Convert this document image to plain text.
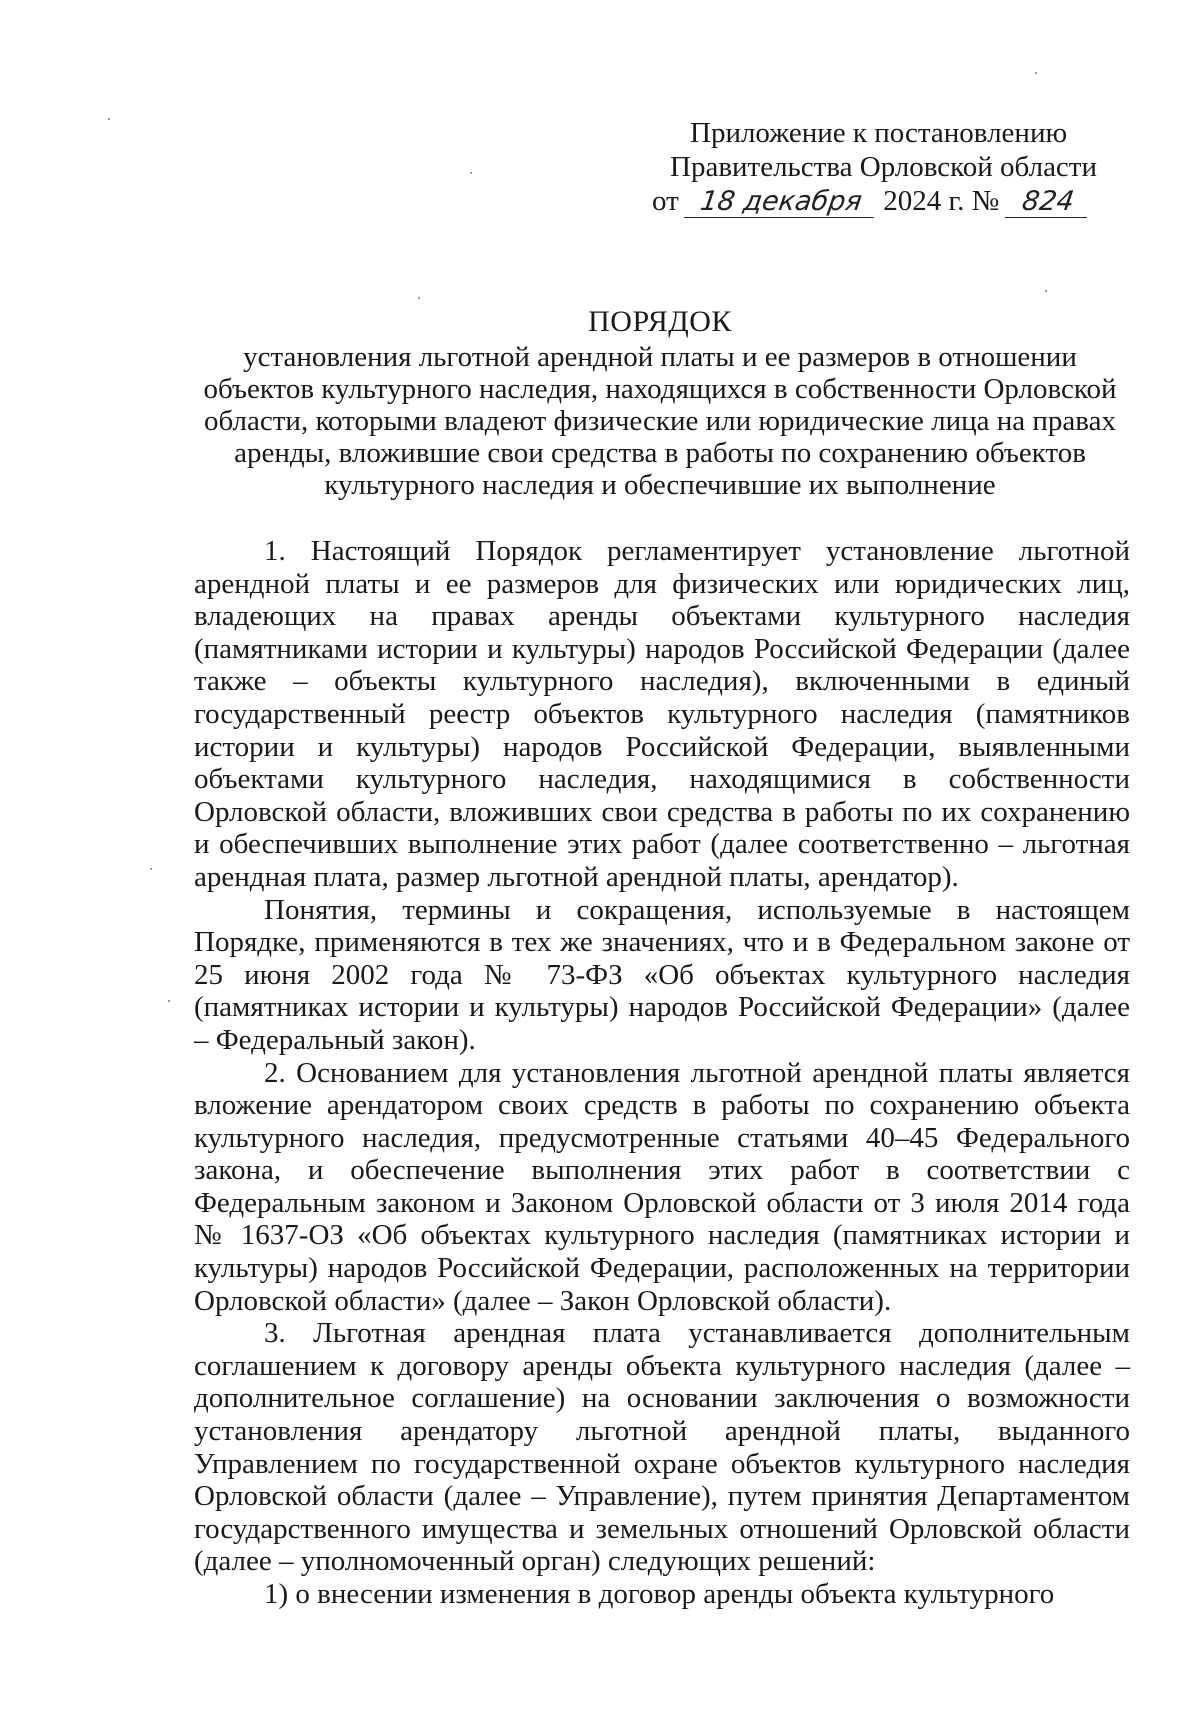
Приложение к постановлению
Правительства Орловской области
от 18 декабря 2024 г. № 824
ПОРЯДОК
установления льготной арендной платы и ее размеров в отношении
объектов культурного наследия, находящихся в собственности Орловской
области, которыми владеют физические или юридические лица на правах
аренды, вложившие свои средства в работы по сохранению объектов
культурного наследия и обеспечившие их выполнение

1. Настоящий Порядок регламентирует установление льготной арендной платы и ее размеров для физических или юридических лиц, владеющих на правах аренды объектами культурного наследия (памятниками истории и культуры) народов Российской Федерации (далее также – объекты культурного наследия), включенными в единый государственный реестр объектов культурного наследия (памятников истории и культуры) народов Российской Федерации, выявленными объектами культурного наследия, находящимися в собственности Орловской области, вложивших свои средства в работы по их сохранению и обеспечивших выполнение этих работ (далее соответственно – льготная арендная плата, размер льготной арендной платы, арендатор).

Понятия, термины и сокращения, используемые в настоящем Порядке, применяются в тех же значениях, что и в Федеральном законе от 25 июня 2002 года № 73-ФЗ «Об объектах культурного наследия (памятниках истории и культуры) народов Российской Федерации» (далее – Федеральный закон).

2. Основанием для установления льготной арендной платы является вложение арендатором своих средств в работы по сохранению объекта культурного наследия, предусмотренные статьями 40–45 Федерального закона, и обеспечение выполнения этих работ в соответствии с Федеральным законом и Законом Орловской области от 3 июля 2014 года № 1637-ОЗ «Об объектах культурного наследия (памятниках истории и культуры) народов Российской Федерации, расположенных на территории Орловской области» (далее – Закон Орловской области).

3. Льготная арендная плата устанавливается дополнительным соглашением к договору аренды объекта культурного наследия (далее – дополнительное соглашение) на основании заключения о возможности установления арендатору льготной арендной платы, выданного Управлением по государственной охране объектов культурного наследия Орловской области (далее – Управление), путем принятия Департаментом государственного имущества и земельных отношений Орловской области (далее – уполномоченный орган) следующих решений:

1) о внесении изменения в договор аренды объекта культурного
